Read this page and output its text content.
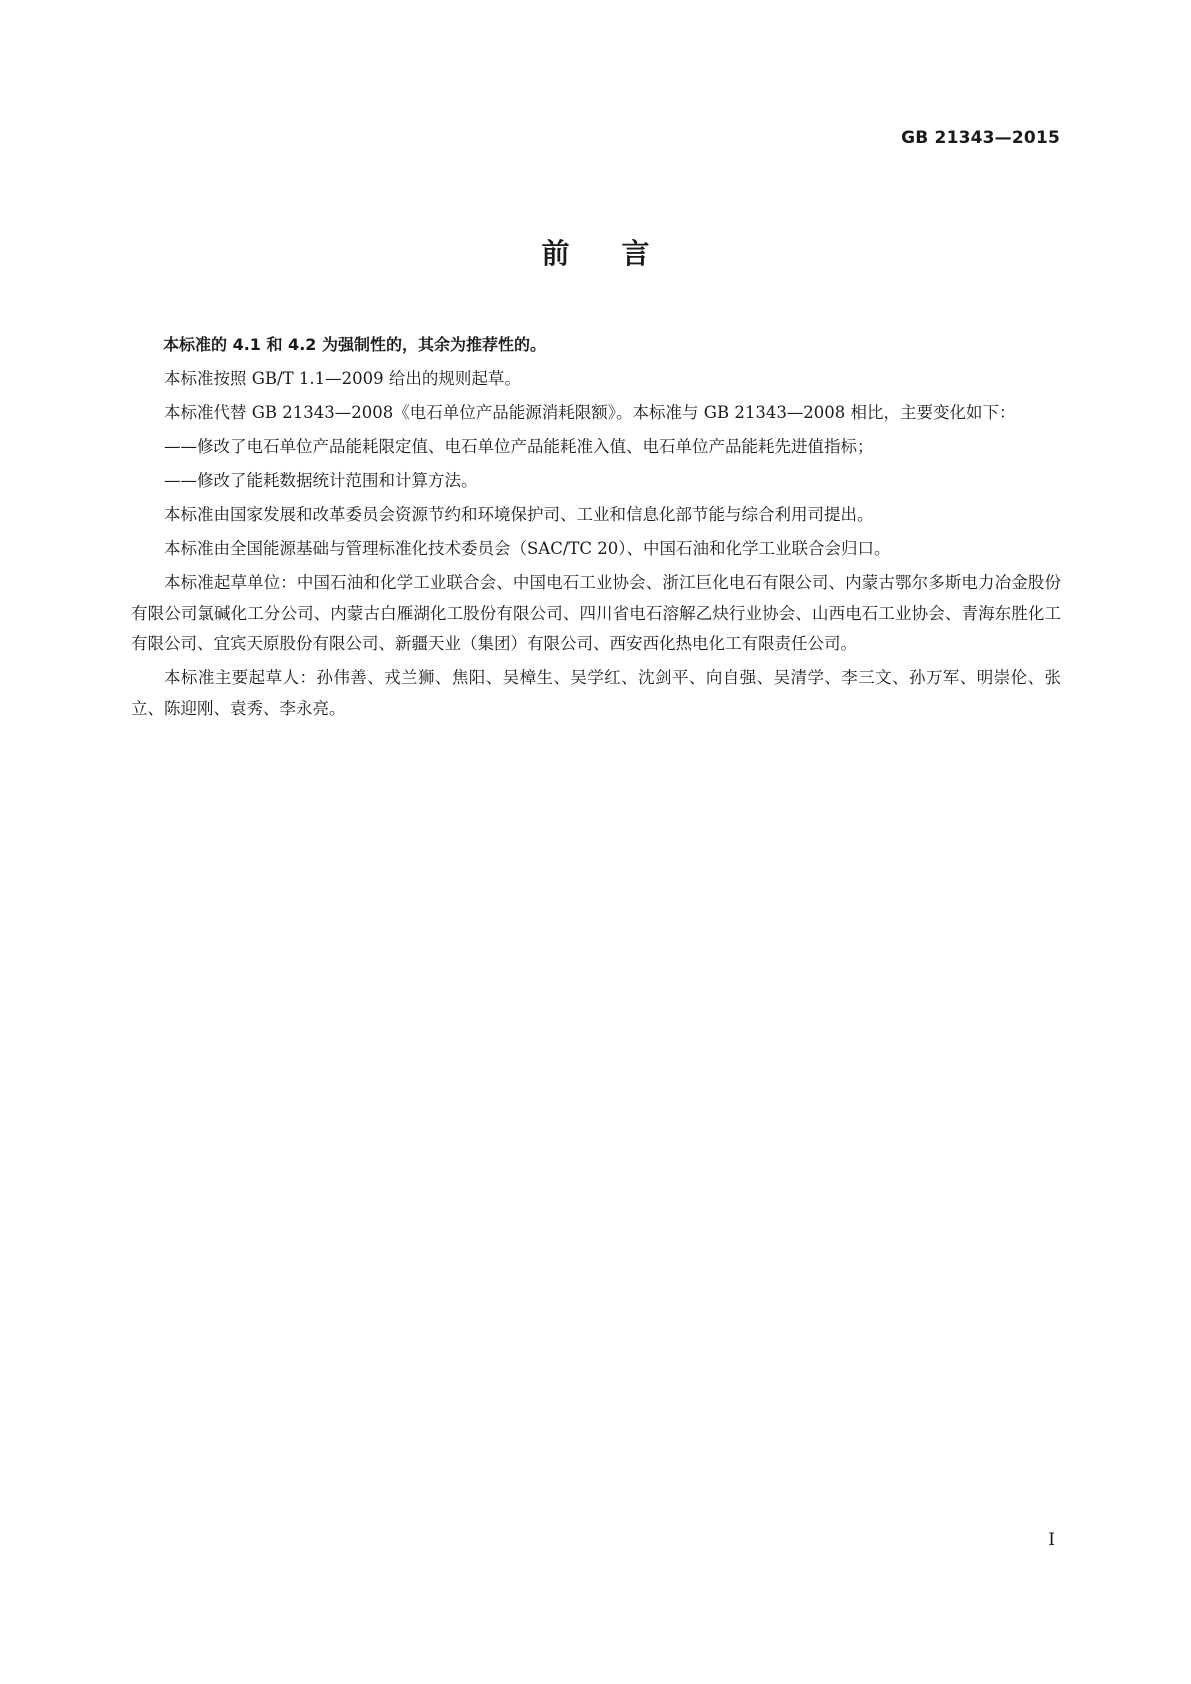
GB 21343—2015
前 言

本标准的 4.1 和 4.2 为强制性的，其余为推荐性的。

本标准按照 GB/T 1.1—2009 给出的规则起草。

本标准代替 GB 21343—2008《电石单位产品能源消耗限额》。本标准与 GB 21343—2008 相比，主要变化如下：

——修改了电石单位产品能耗限定值、电石单位产品能耗准入值、电石单位产品能耗先进值指标；

——修改了能耗数据统计范围和计算方法。

本标准由国家发展和改革委员会资源节约和环境保护司、工业和信息化部节能与综合利用司提出。

本标准由全国能源基础与管理标准化技术委员会（SAC/TC 20）、中国石油和化学工业联合会归口。

本标准起草单位：中国石油和化学工业联合会、中国电石工业协会、浙江巨化电石有限公司、内蒙古鄂尔多斯电力冶金股份有限公司氯碱化工分公司、内蒙古白雁湖化工股份有限公司、四川省电石溶解乙炔行业协会、山西电石工业协会、青海东胜化工有限公司、宜宾天原股份有限公司、新疆天业（集团）有限公司、西安西化热电化工有限责任公司。

本标准主要起草人：孙伟善、戎兰狮、焦阳、吴樟生、吴学红、沈剑平、向自强、吴清学、李三文、孙万军、明崇伦、张立、陈迎刚、袁秀、李永亮。

I
